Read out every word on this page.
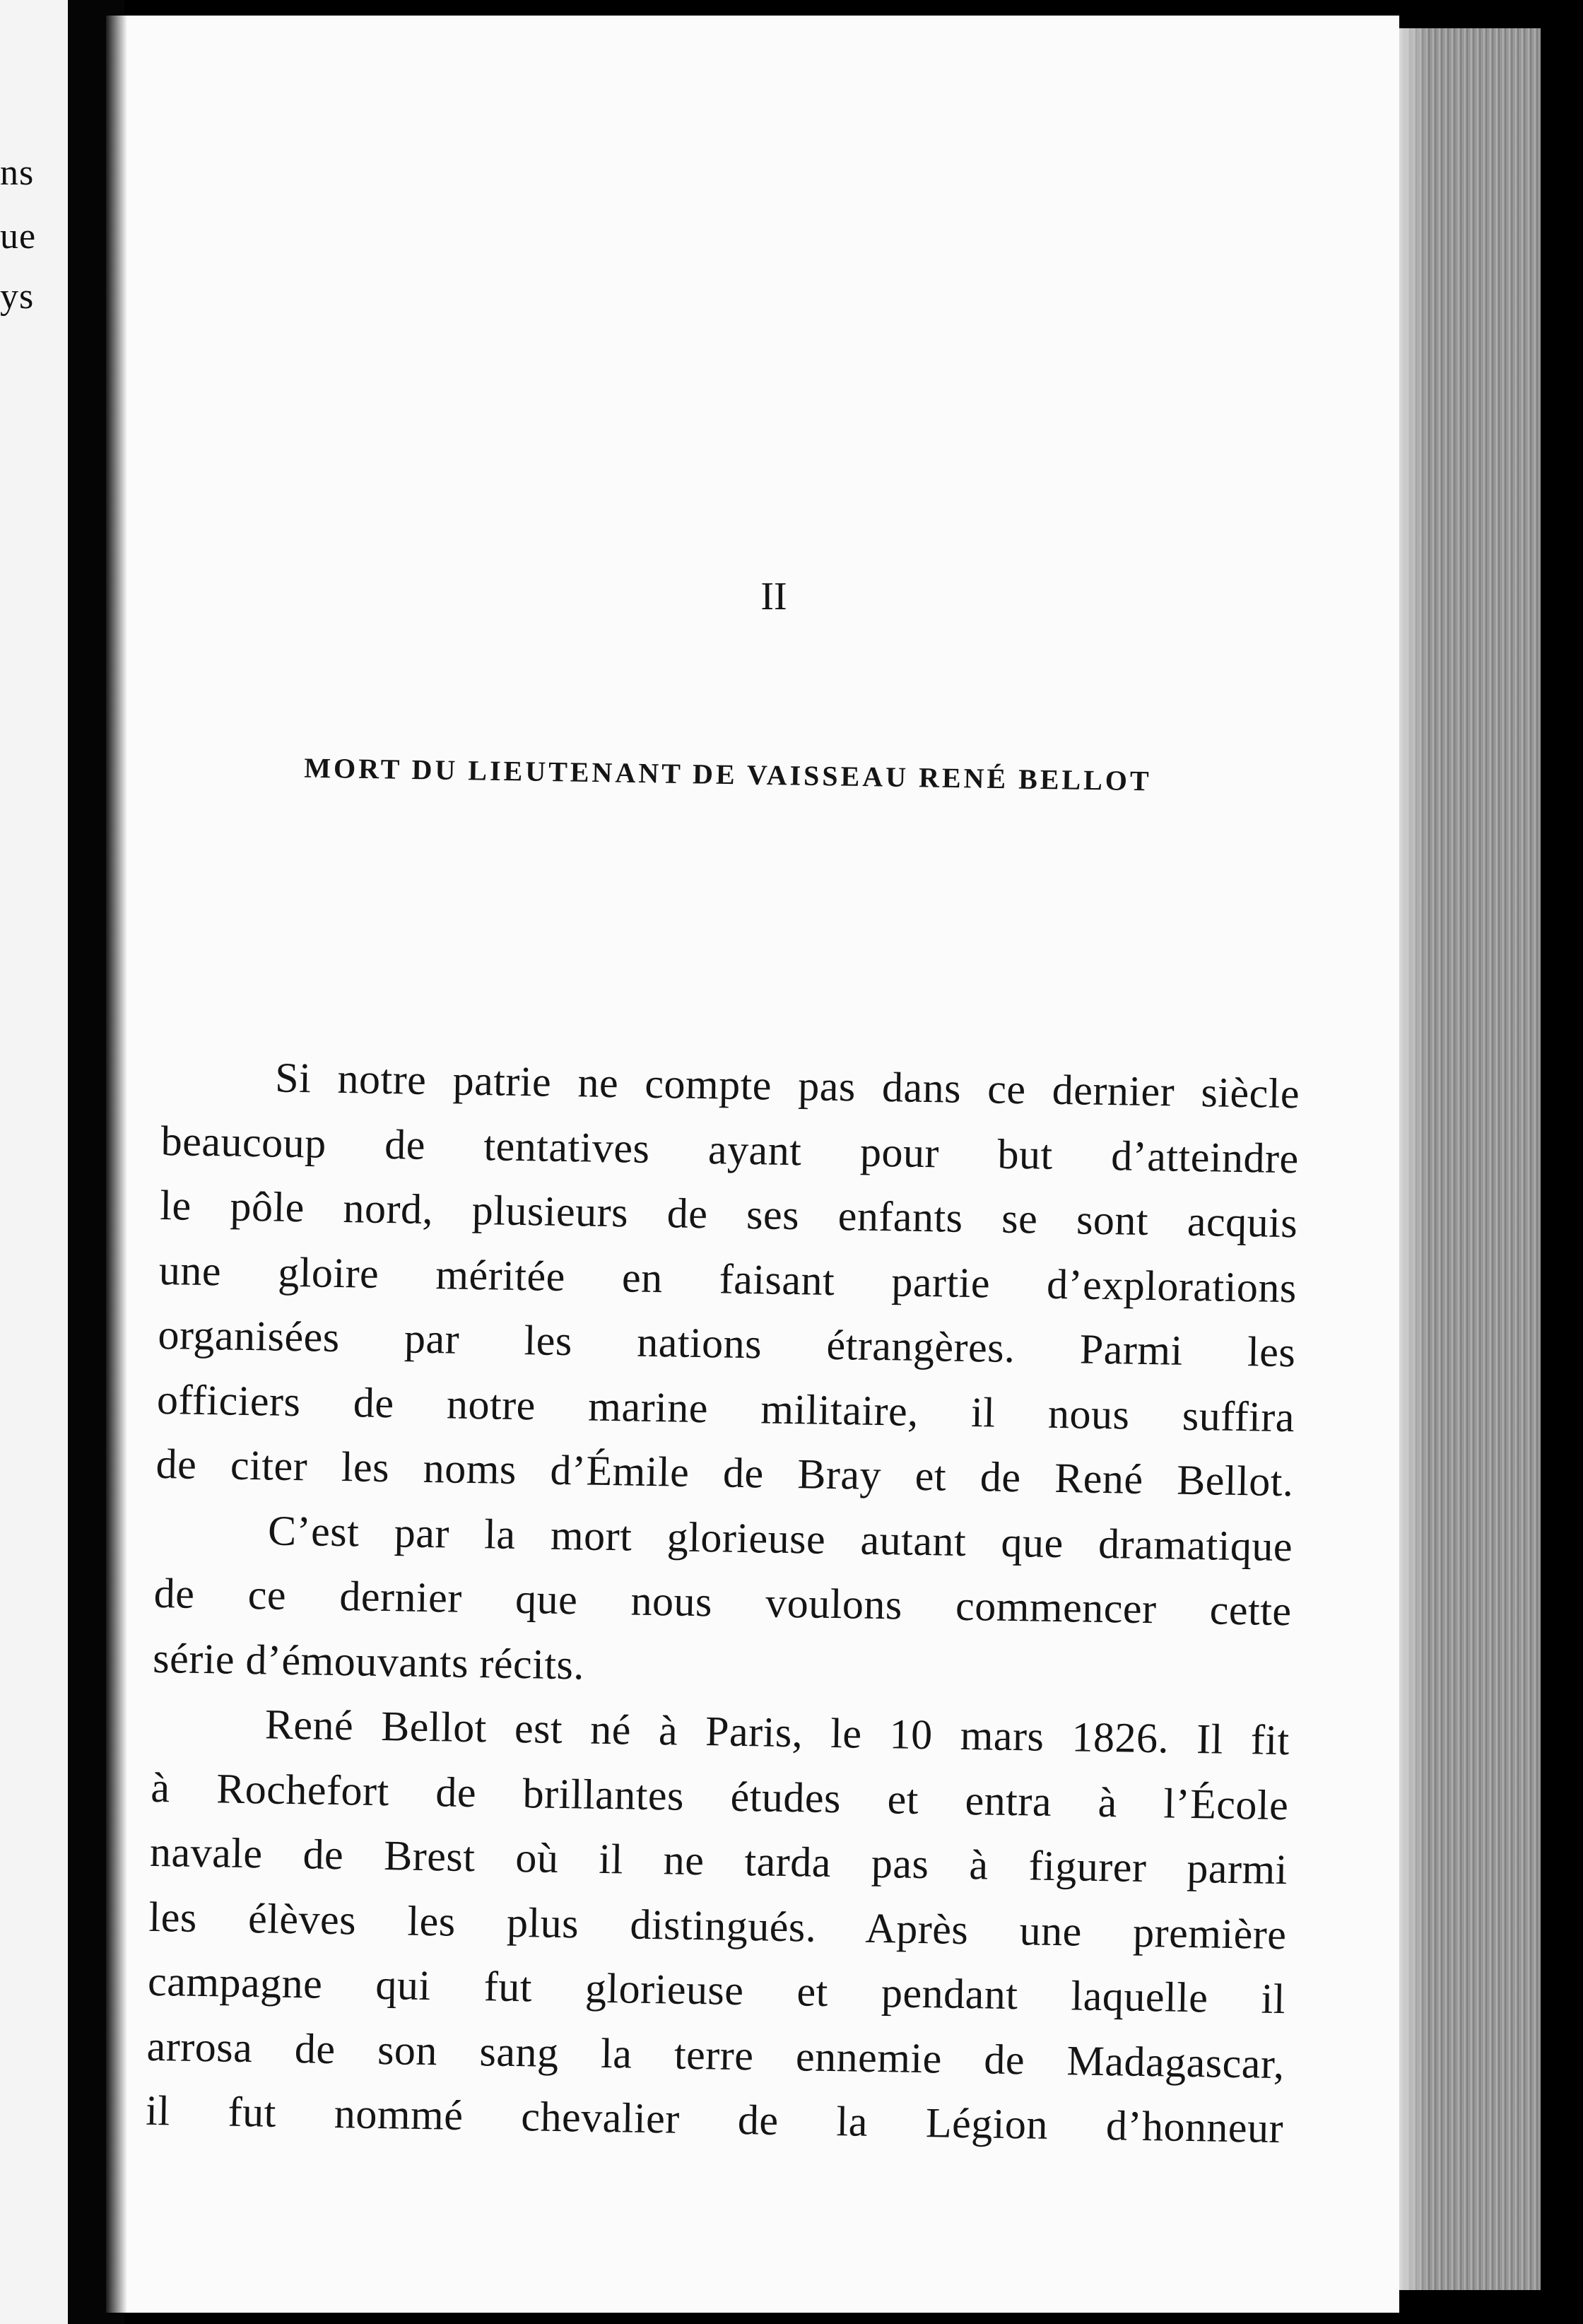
ns
ue
ys
II
MORT DU LIEUTENANT DE VAISSEAU RENÉ BELLOT
Si notre patrie ne compte pas dans ce dernier siècle
beaucoup de tentatives ayant pour but d’atteindre
le pôle nord, plusieurs de ses enfants se sont acquis
une gloire méritée en faisant partie d’explorations
organisées par les nations étrangères. Parmi les
officiers de notre marine militaire, il nous suffira
de citer les noms d’Émile de Bray et de René Bellot.
C’est par la mort glorieuse autant que dramatique
de ce dernier que nous voulons commencer cette
série d’émouvants récits.
René Bellot est né à Paris, le 10 mars 1826. Il fit
à Rochefort de brillantes études et entra à l’École
navale de Brest où il ne tarda pas à figurer parmi
les élèves les plus distingués. Après une première
campagne qui fut glorieuse et pendant laquelle il
arrosa de son sang la terre ennemie de Madagascar,
il fut nommé chevalier de la Légion d’honneur
